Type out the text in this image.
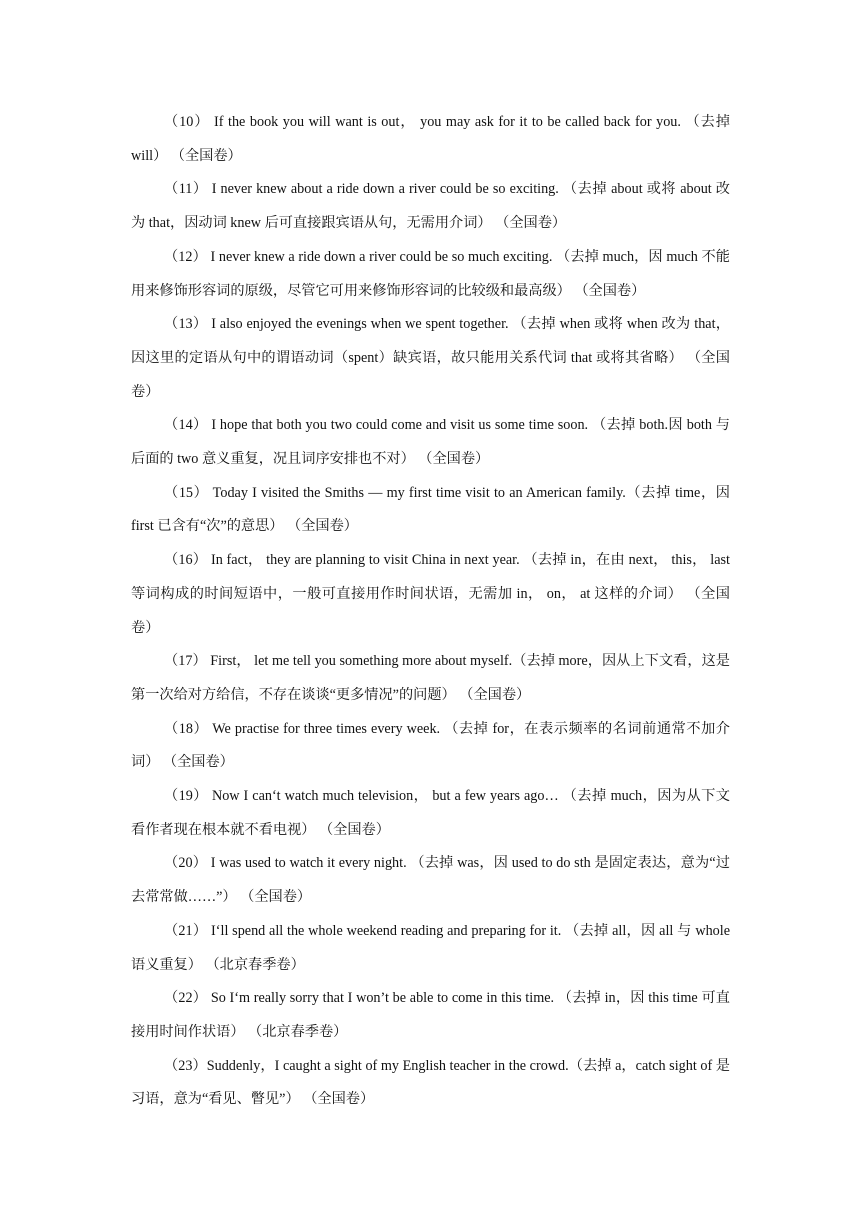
（10） If the book you will want is out， you may ask for it to be called back for you. （去掉 will） （全国卷）

（11） I never knew about a ride down a river could be so exciting. （去掉 about 或将 about 改为 that，因动词 knew 后可直接跟宾语从句，无需用介词） （全国卷）

（12） I never knew a ride down a river could be so much exciting. （去掉 much，因 much 不能用来修饰形容词的原级，尽管它可用来修饰形容词的比较级和最高级） （全国卷）

（13） I also enjoyed the evenings when we spent together. （去掉 when 或将 when 改为 that，因这里的定语从句中的谓语动词（spent）缺宾语，故只能用关系代词 that 或将其省略） （全国卷）

（14） I hope that both you two could come and visit us some time soon. （去掉 both.因 both 与后面的 two 意义重复，况且词序安排也不对） （全国卷）

（15） Today I visited the Smiths — my first time visit to an American family.（去掉 time，因 first 已含有“次”的意思） （全国卷）

（16） In fact， they are planning to visit China in next year. （去掉 in，在由 next， this， last 等词构成的时间短语中，一般可直接用作时间状语，无需加 in， on， at 这样的介词） （全国卷）

（17） First， let me tell you something more about myself.（去掉 more，因从上下文看，这是第一次给对方给信，不存在谈谈“更多情况”的问题） （全国卷）

（18） We practise for three times every week. （去掉 for，在表示频率的名词前通常不加介词） （全国卷）

（19） Now I can‘t watch much television， but a few years ago… （去掉 much，因为从下文看作者现在根本就不看电视） （全国卷）

（20） I was used to watch it every night. （去掉 was，因 used to do sth 是固定表达，意为“过去常常做……”） （全国卷）

（21） I‘ll spend all the whole weekend reading and preparing for it. （去掉 all，因 all 与 whole 语义重复） （北京春季卷）

（22） So I‘m really sorry that I won’t be able to come in this time. （去掉 in，因 this time 可直接用时间作状语） （北京春季卷）

（23）Suddenly，I caught a sight of my English teacher in the crowd.（去掉 a，catch sight of 是习语，意为“看见、瞥见”） （全国卷）
